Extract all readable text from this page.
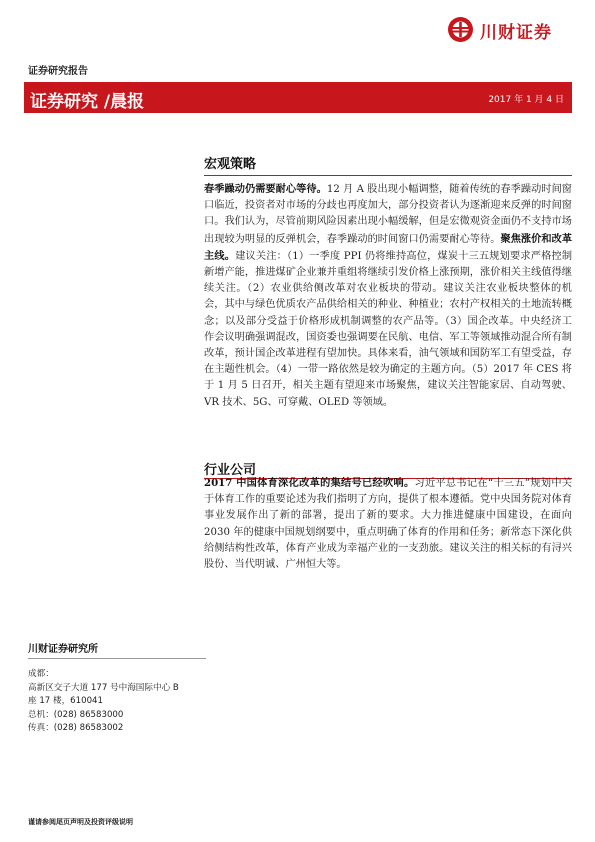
川财证券
证券研究报告
证券研究 /晨报	2017 年 1 月 4 日
宏观策略

春季躁动仍需要耐心等待。12 月 A 股出现小幅调整，随着传统的春季躁动时间窗口临近，投资者对市场的分歧也再度加大，部分投资者认为逐渐迎来反弹的时间窗口。我们认为，尽管前期风险因素出现小幅缓解，但是宏微观资金面仍不支持市场出现较为明显的反弹机会，春季躁动的时间窗口仍需要耐心等待。聚焦涨价和改革主线。建议关注：（1）一季度 PPI 仍将维持高位，煤炭十三五规划要求严格控制新增产能，推进煤矿企业兼并重组将继续引发价格上涨预期，涨价相关主线值得继续关注。（2）农业供给侧改革对农业板块的带动。建议关注农业板块整体的机会，其中与绿色优质农产品供给相关的种业、种植业；农村产权相关的土地流转概念；以及部分受益于价格形成机制调整的农产品等。（3）国企改革。中央经济工作会议明确强调混改，国资委也强调要在民航、电信、军工等领域推动混合所有制改革，预计国企改革进程有望加快。具体来看，油气领域和国防军工有望受益，存在主题性机会。（4）一带一路依然是较为确定的主题方向。（5）2017 年 CES 将于 1 月 5 日召开，相关主题有望迎来市场聚焦，建议关注智能家居、自动驾驶、VR 技术、5G、可穿戴、OLED 等领域。

行业公司

2017 中国体育深化改革的集结号已经吹响。习近平总书记在“十三五”规划中关于体育工作的重要论述为我们指明了方向，提供了根本遵循。党中央国务院对体育事业发展作出了新的部署，提出了新的要求。大力推进健康中国建设，在面向 2030 年的健康中国规划纲要中，重点明确了体育的作用和任务；新常态下深化供给侧结构性改革，体育产业成为幸福产业的一支劲旅。建议关注的相关标的有浔兴股份、当代明诚、广州恒大等。

川财证券研究所
成都：
高新区交子大道 177 号中海国际中心 B
座 17 楼，610041
总机：(028) 86583000
传真：(028) 86583002
谨请参阅尾页声明及投资评级说明
